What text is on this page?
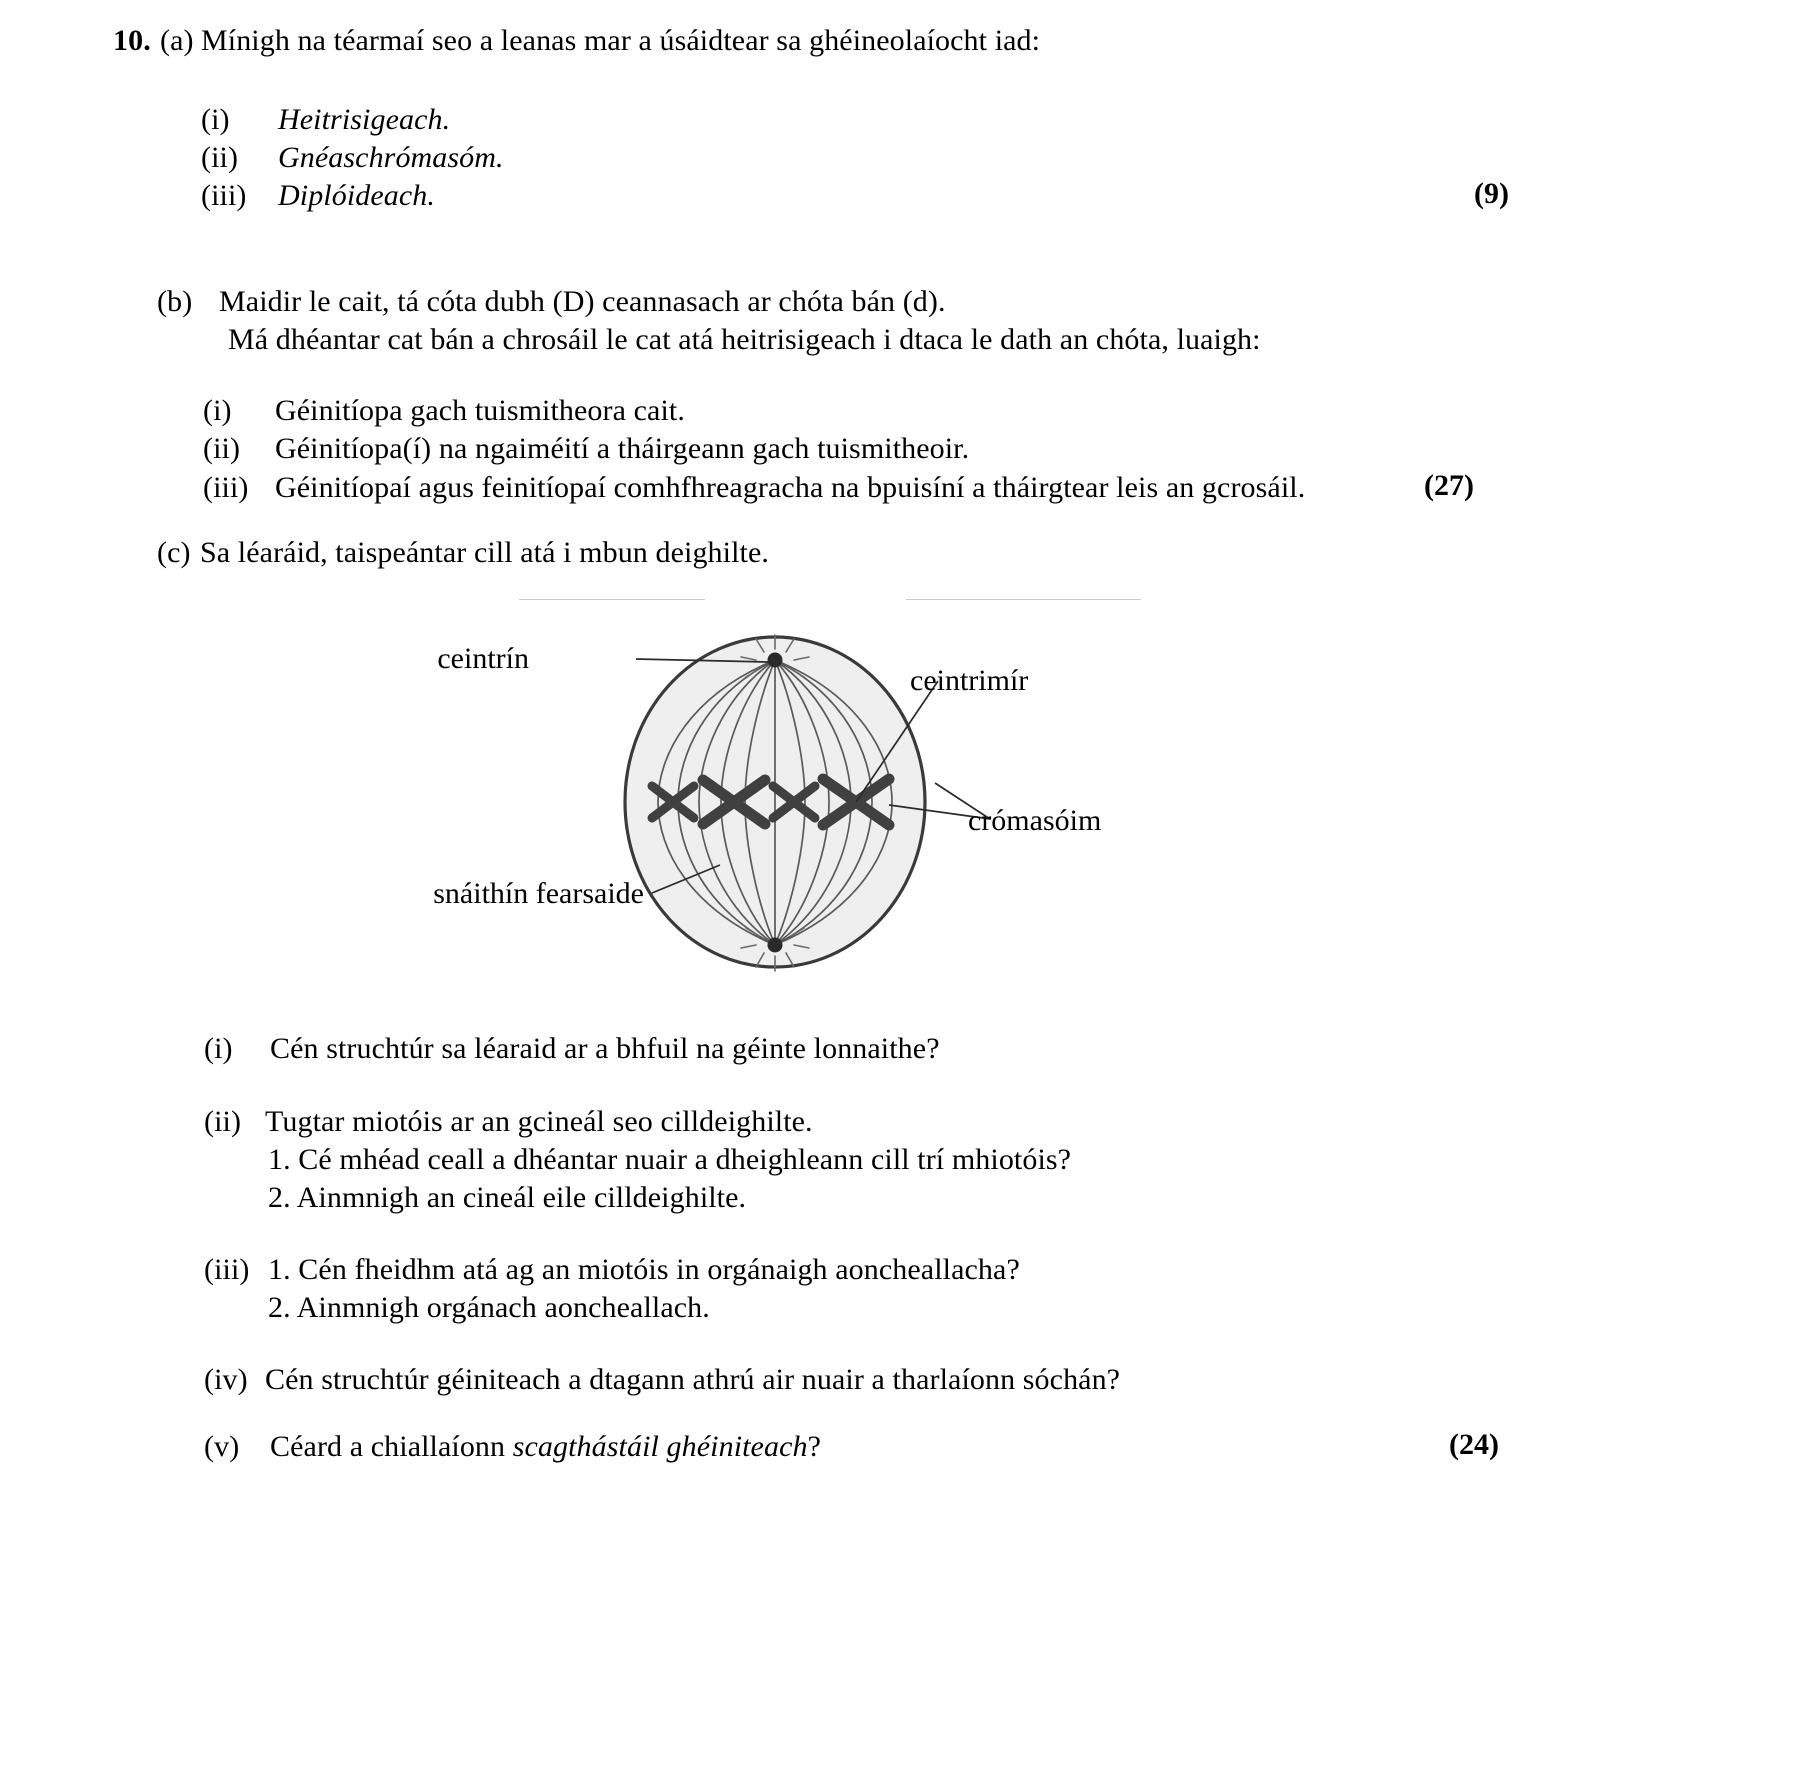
10. (a) Mínigh na téarmaí seo a leanas mar a úsáidtear sa ghéineolaíocht iad:
(i) Heitrisigeach.
(ii) Gnéaschrómasóm.
(iii) Diplóideach.	(9)
(b) Maidir le cait, tá cóta dubh (D) ceannasach ar chóta bán (d).
Má dhéantar cat bán a chrosáil le cat atá heitrisigeach i dtaca le dath an chóta, luaigh:
(i) Géinitíopa gach tuismitheora cait.
(ii) Géinitíopa(í) na ngaiméití a tháirgeann gach tuismitheoir.
(iii) Géinitíopaí agus feinitíopaí comhfhreagracha na bpuisíní a tháirgtear leis an gcrosáil.	(27)
(c) Sa léaráid, taispeántar cill atá i mbun deighilte.
ceintrín
ceintrimír
crómasóim
snáithín fearsaide
(i) Cén struchtúr sa léaraid ar a bhfuil na géinte lonnaithe?
(ii) Tugtar miotóis ar an gcineál seo cilldeighilte.
1. Cé mhéad ceall a dhéantar nuair a dheighleann cill trí mhiotóis?
2. Ainmnigh an cineál eile cilldeighilte.
(iii) 1. Cén fheidhm atá ag an miotóis in orgánaigh aoncheallacha?
2. Ainmnigh orgánach aoncheallach.
(iv) Cén struchtúr géiniteach a dtagann athrú air nuair a tharlaíonn sóchán?
(v) Céard a chiallaíonn scagthástáil ghéiniteach?	(24)
